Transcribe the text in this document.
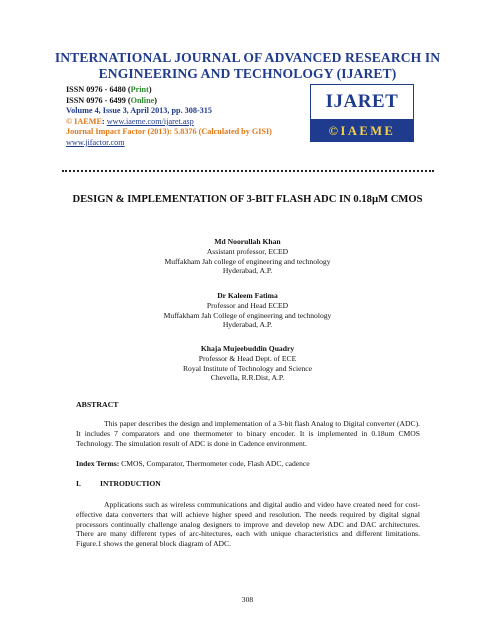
INTERNATIONAL JOURNAL OF ADVANCED RESEARCH IN ENGINEERING AND TECHNOLOGY (IJARET)
ISSN 0976 - 6480 (Print)
ISSN 0976 - 6499 (Online)
Volume 4, Issue 3, April 2013, pp. 308-315
© IAEME: www.iaeme.com/ijaret.asp
Journal Impact Factor (2013): 5.8376 (Calculated by GISI)
www.jifactor.com
IJARET
©IAEME
DESIGN & IMPLEMENTATION OF 3-BIT FLASH ADC IN 0.18µM CMOS
Md Noorullah Khan
Assistant professor, ECED
Muffakham Jah college of engineering and technology
Hyderabad, A.P.
Dr Kaleem Fatima
Professor and Head ECED
Muffakham Jah College of engineering and technology
Hyderabad, A.P.
Khaja Mujeebuddin Quadry
Professor & Head Dept. of ECE
Royal Institute of Technology and Science
Chevella, R.R.Dist, A.P.
ABSTRACT
This paper describes the design and implementation of a 3-bit flash Analog to Digital converter (ADC). It includes 7 comparators and one thermometer to binary encoder. It is implemented in 0.18um CMOS Technology. The simulation result of ADC is done in Cadence environment.
Index Terms: CMOS, Comparator, Thermometer code, Flash ADC, cadence
I.	INTRODUCTION
Applications such as wireless communications and digital audio and video have created need for cost-effective data converters that will achieve higher speed and resolution. The needs required by digital signal processors continually challenge analog designers to improve and develop new ADC and DAC architectures. There are many different types of arc-hitectures, each with unique characteristics and different limitations. Figure.1 shows the general block diagram of ADC.
308
